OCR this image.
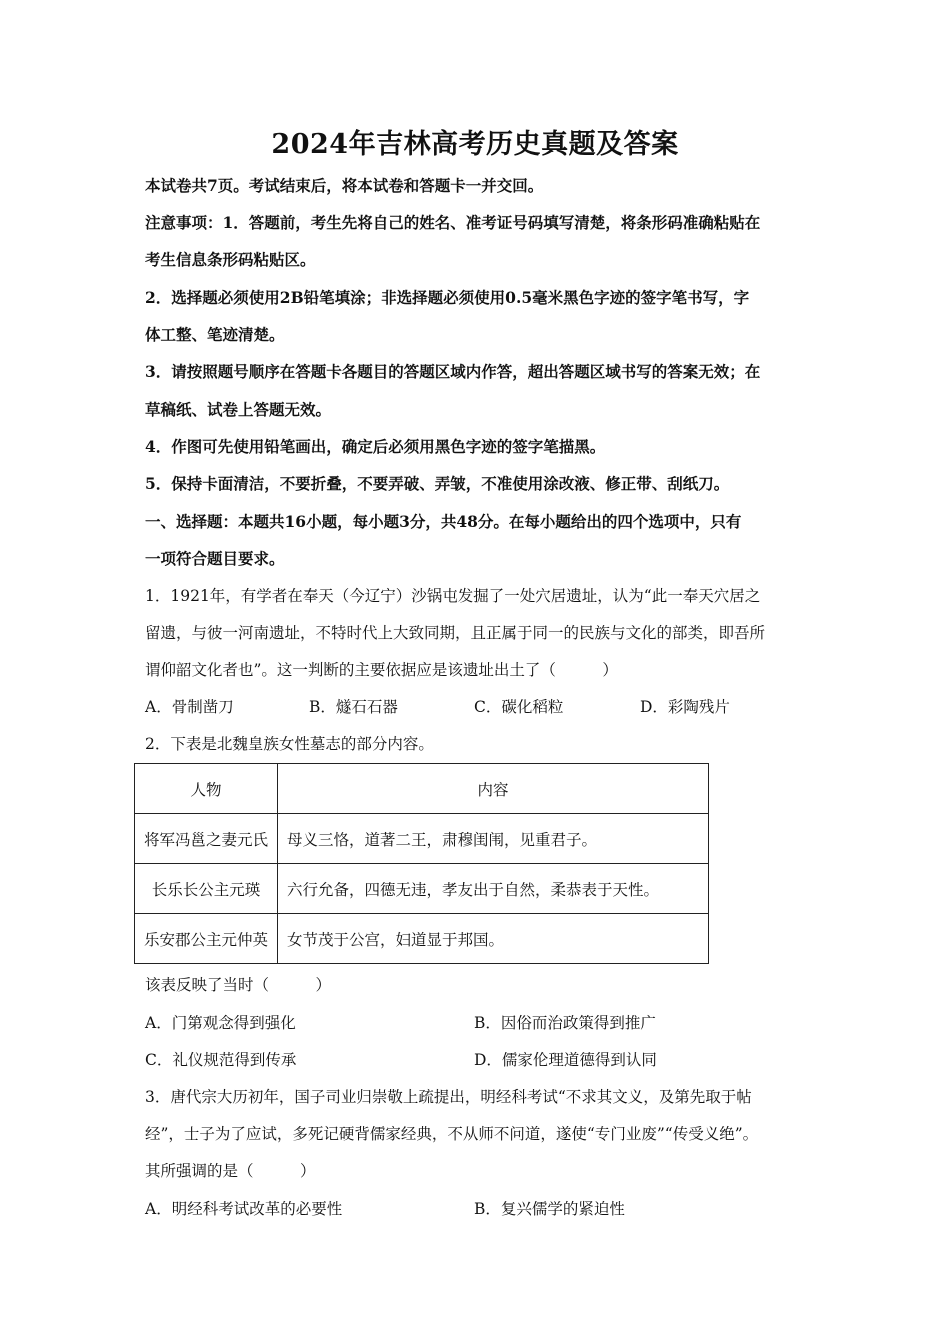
2024年吉林高考历史真题及答案
本试卷共7页。考试结束后，将本试卷和答题卡一并交回。
注意事项：1．答题前，考生先将自己的姓名、准考证号码填写清楚，将条形码准确粘贴在
考生信息条形码粘贴区。
2．选择题必须使用2B铅笔填涂；非选择题必须使用0.5毫米黑色字迹的签字笔书写，字
体工整、笔迹清楚。
3．请按照题号顺序在答题卡各题目的答题区域内作答，超出答题区域书写的答案无效；在
草稿纸、试卷上答题无效。
4．作图可先使用铅笔画出，确定后必须用黑色字迹的签字笔描黑。
5．保持卡面清洁，不要折叠，不要弄破、弄皱，不准使用涂改液、修正带、刮纸刀。
一、选择题：本题共16小题，每小题3分，共48分。在每小题给出的四个选项中，只有
一项符合题目要求。
1．1921年，有学者在奉天（今辽宁）沙锅屯发掘了一处穴居遗址，认为“此一奉天穴居之
留遗，与彼一河南遗址，不特时代上大致同期，且正属于同一的民族与文化的部类，即吾所
谓仰韶文化者也”。这一判断的主要依据应是该遗址出土了（　　　）
A．骨制凿刀	B．燧石石器	C．碳化稻粒	D．彩陶残片
2．下表是北魏皇族女性墓志的部分内容。
人物	内容
将军冯邕之妻元氏	母义三恪，道著二王，肃穆闺闱，见重君子。
长乐长公主元瑛	六行允备，四德无违，孝友出于自然，柔恭表于天性。
乐安郡公主元仲英	女节茂于公宫，妇道显于邦国。
该表反映了当时（　　　）
A．门第观念得到强化	B．因俗而治政策得到推广
C．礼仪规范得到传承	D．儒家伦理道德得到认同
3．唐代宗大历初年，国子司业归崇敬上疏提出，明经科考试“不求其文义，及第先取于帖
经”，士子为了应试，多死记硬背儒家经典，不从师不问道，遂使“专门业废”“传受义绝”。
其所强调的是（　　　）
A．明经科考试改革的必要性	B．复兴儒学的紧迫性
